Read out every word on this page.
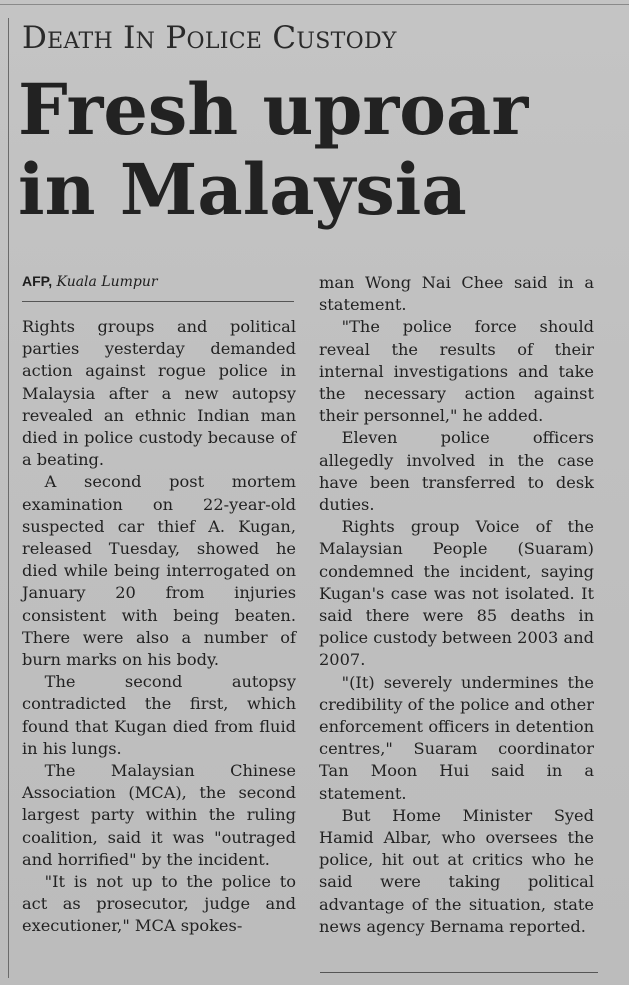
Death In Police Custody
Fresh uproar in Malaysia
AFP, Kuala Lumpur

Rights groups and political parties yesterday demanded action against rogue police in Malaysia after a new autopsy revealed an ethnic Indian man died in police custody because of a beating.

A second post mortem examination on 22-year-old suspected car thief A. Kugan, released Tuesday, showed he died while being interrogated on January 20 from injuries consistent with being beaten. There were also a number of burn marks on his body.

The second autopsy contradicted the first, which found that Kugan died from fluid in his lungs.

The Malaysian Chinese Association (MCA), the second largest party within the ruling coalition, said it was "outraged and horrified" by the incident.

"It is not up to the police to act as prosecutor, judge and executioner," MCA spokes-

man Wong Nai Chee said in a statement.

"The police force should reveal the results of their internal investigations and take the necessary action against their personnel," he added.

Eleven police officers allegedly involved in the case have been transferred to desk duties.

Rights group Voice of the Malaysian People (Suaram) condemned the incident, saying Kugan's case was not isolated. It said there were 85 deaths in police custody between 2003 and 2007.

"(It) severely undermines the credibility of the police and other enforcement officers in detention centres," Suaram coordinator Tan Moon Hui said in a statement.

But Home Minister Syed Hamid Albar, who oversees the police, hit out at critics who he said were taking political advantage of the situation, state news agency Bernama reported.
